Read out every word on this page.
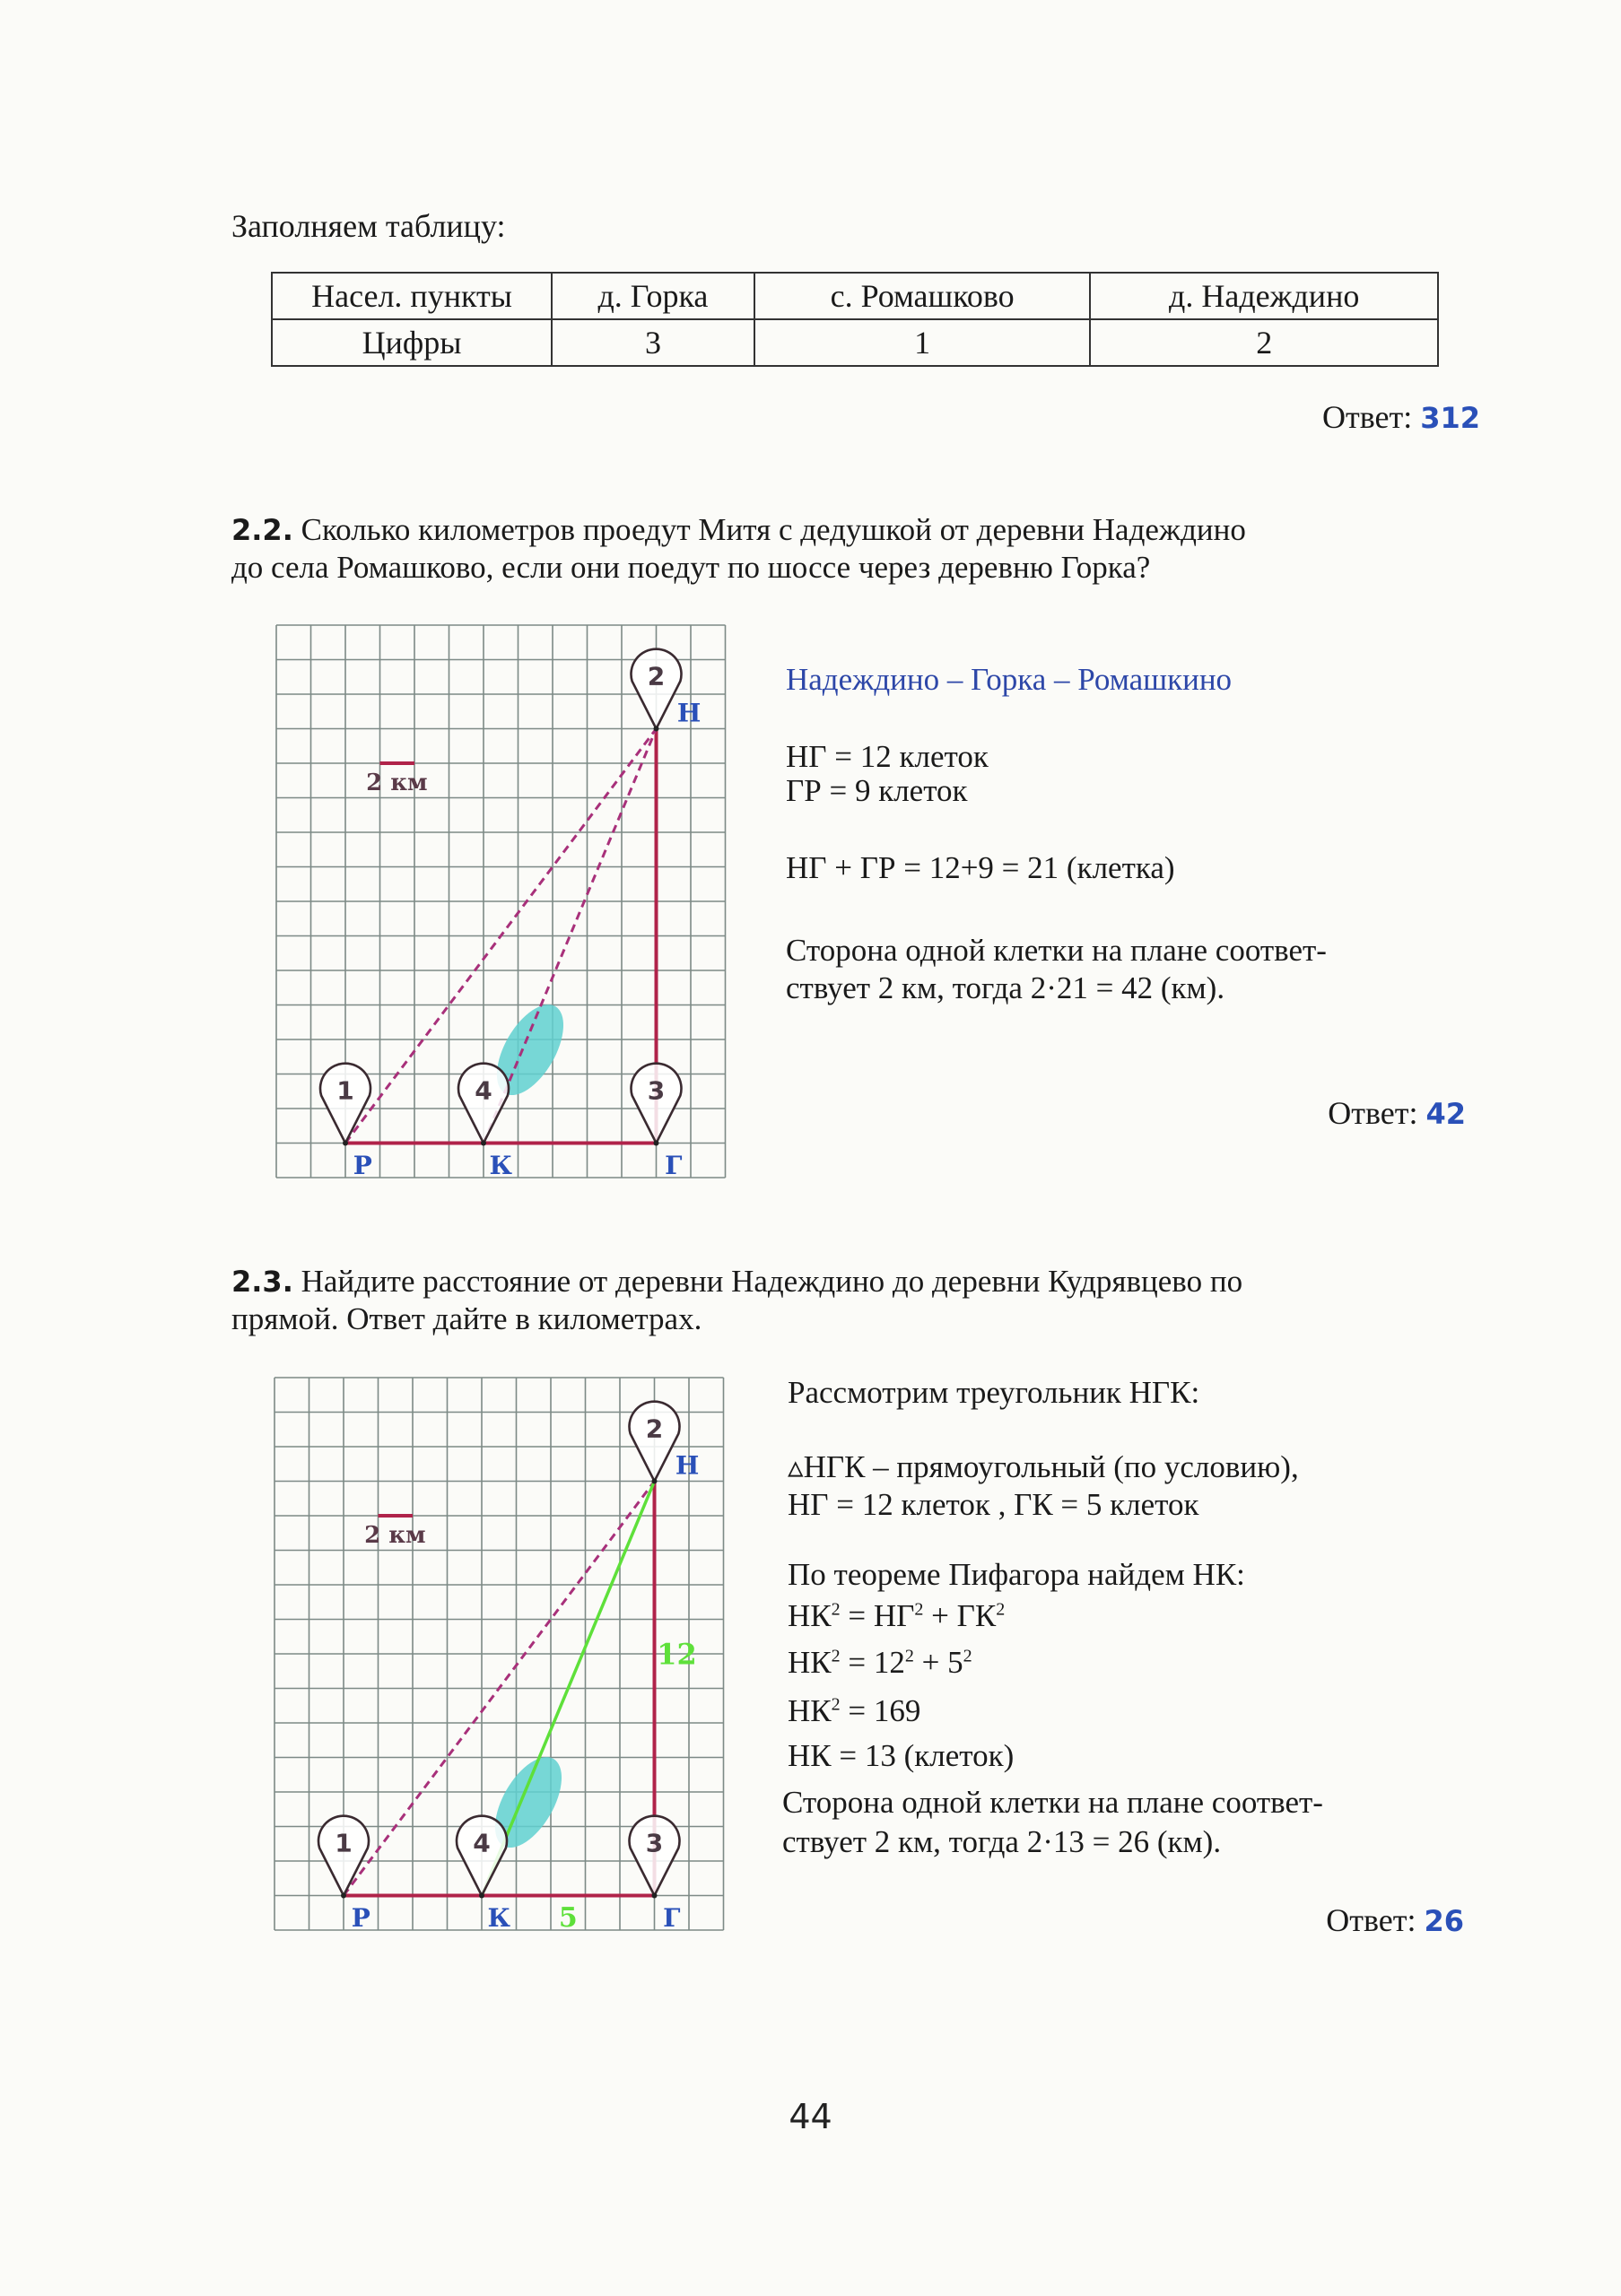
Заполняем таблицу:
Насел. пункты	д. Горка	с. Ромашково	д. Надеждино
Цифры	3	1	2
Ответ: 312
2.2. Сколько километров проедут Митя с дедушкой от деревни Надеждино
до села Ромашково, если они поедут по шоссе через деревню Горка?
2 км
1
Р
4
К
3
Г
2
Н
Надеждино – Горка – Ромашкино
НГ = 12 клеток
ГР = 9 клеток
НГ + ГР = 12+9 = 21 (клетка)
Сторона одной клетки на плане соответ-
ствует 2 км, тогда 2·21 = 42 (км).
Ответ: 42
2.3. Найдите расстояние от деревни Надеждино до деревни Кудрявцево по
прямой. Ответ дайте в километрах.
2 км
1
Р
4
К
3
Г
2
Н
12
5
Рассмотрим треугольник НГК:
▵НГК – прямоугольный (по условию),
НГ = 12 клеток , ГК = 5 клеток
По теореме Пифагора найдем НК:
$НК^2 = НГ^2 + ГК^2$
$НК^2 = 12^2 + 5^2$
$НК^2 = 169$
НК = 13 (клеток)
Сторона одной клетки на плане соответ-
ствует 2 км, тогда 2·13 = 26 (км).
Ответ: 26
44
